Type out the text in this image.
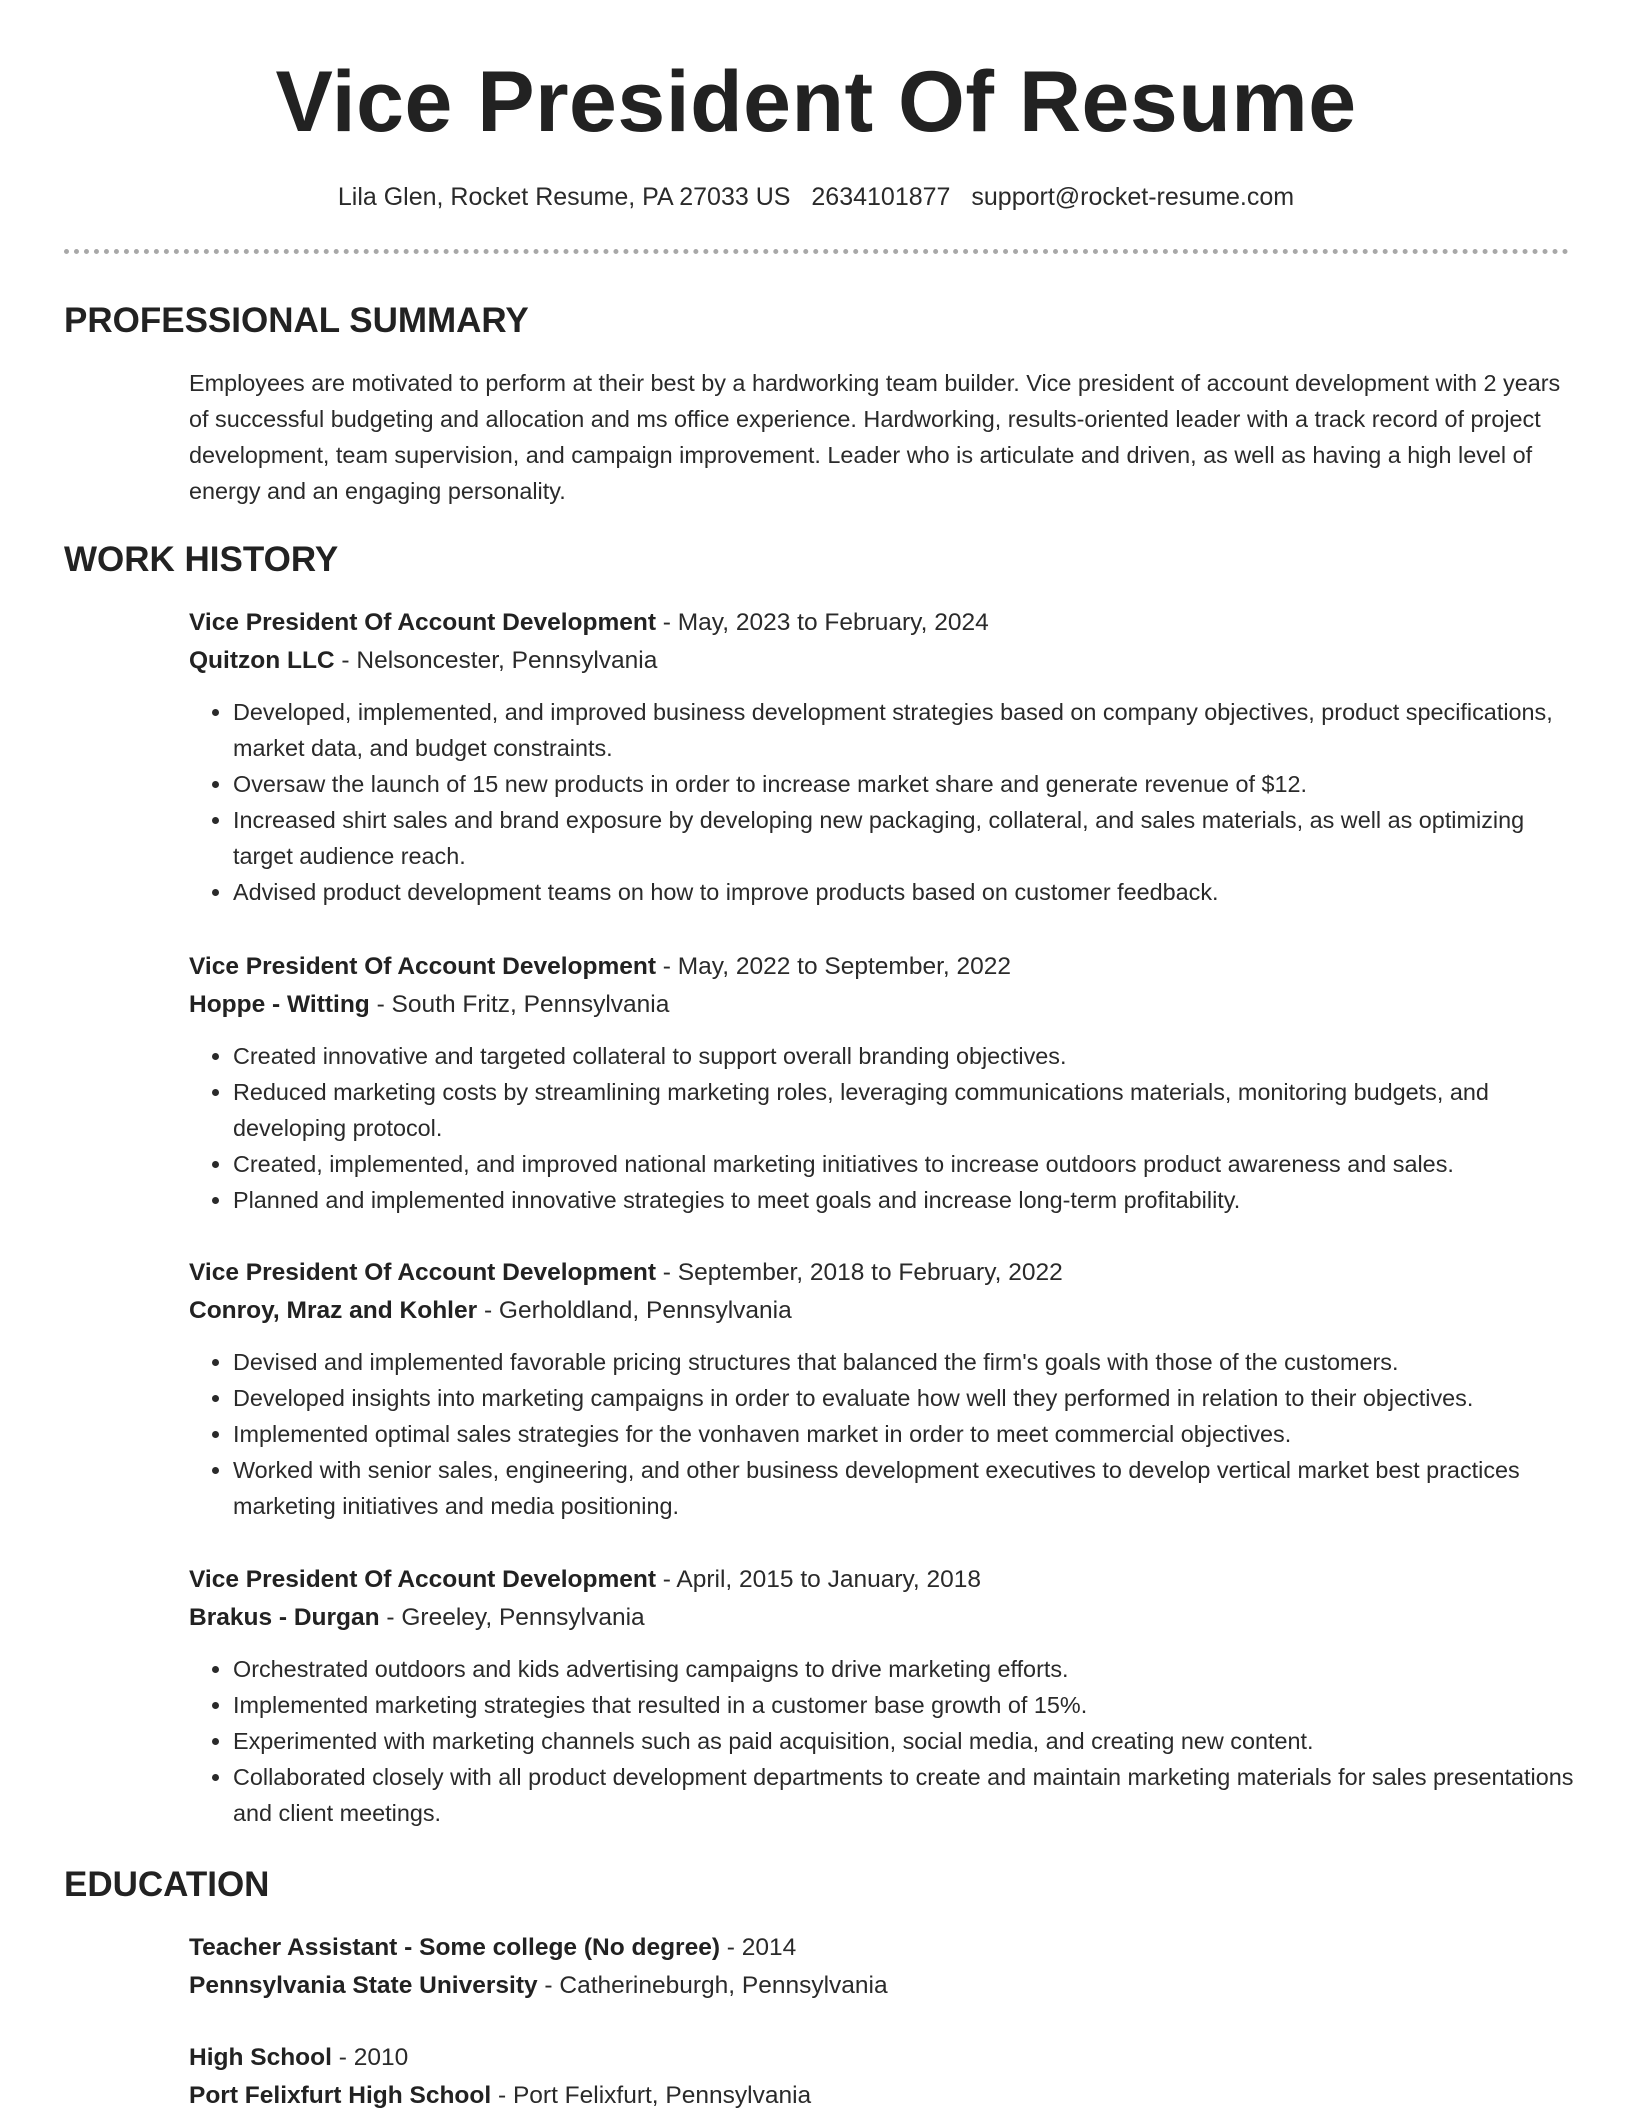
Vice President Of Resume
Lila Glen, Rocket Resume, PA 27033 US 2634101877 support@rocket-resume.com
PROFESSIONAL SUMMARY

Employees are motivated to perform at their best by a hardworking team builder. Vice president of account development with 2 years of successful budgeting and allocation and ms office experience. Hardworking, results-oriented leader with a track record of project development, team supervision, and campaign improvement. Leader who is articulate and driven, as well as having a high level of energy and an engaging personality.

WORK HISTORY
Vice President Of Account Development - May, 2023 to February, 2024
Quitzon LLC - Nelsoncester, Pennsylvania
• Developed, implemented, and improved business development strategies based on company objectives, product specifications, market data, and budget constraints.
• Oversaw the launch of 15 new products in order to increase market share and generate revenue of $12.
• Increased shirt sales and brand exposure by developing new packaging, collateral, and sales materials, as well as optimizing target audience reach.
• Advised product development teams on how to improve products based on customer feedback.
Vice President Of Account Development - May, 2022 to September, 2022
Hoppe - Witting - South Fritz, Pennsylvania
• Created innovative and targeted collateral to support overall branding objectives.
• Reduced marketing costs by streamlining marketing roles, leveraging communications materials, monitoring budgets, and developing protocol.
• Created, implemented, and improved national marketing initiatives to increase outdoors product awareness and sales.
• Planned and implemented innovative strategies to meet goals and increase long-term profitability.
Vice President Of Account Development - September, 2018 to February, 2022
Conroy, Mraz and Kohler - Gerholdland, Pennsylvania
• Devised and implemented favorable pricing structures that balanced the firm's goals with those of the customers.
• Developed insights into marketing campaigns in order to evaluate how well they performed in relation to their objectives.
• Implemented optimal sales strategies for the vonhaven market in order to meet commercial objectives.
• Worked with senior sales, engineering, and other business development executives to develop vertical market best practices marketing initiatives and media positioning.
Vice President Of Account Development - April, 2015 to January, 2018
Brakus - Durgan - Greeley, Pennsylvania
• Orchestrated outdoors and kids advertising campaigns to drive marketing efforts.
• Implemented marketing strategies that resulted in a customer base growth of 15%.
• Experimented with marketing channels such as paid acquisition, social media, and creating new content.
• Collaborated closely with all product development departments to create and maintain marketing materials for sales presentations and client meetings.
EDUCATION
Teacher Assistant - Some college (No degree) - 2014
Pennsylvania State University - Catherineburgh, Pennsylvania
High School - 2010
Port Felixfurt High School - Port Felixfurt, Pennsylvania
